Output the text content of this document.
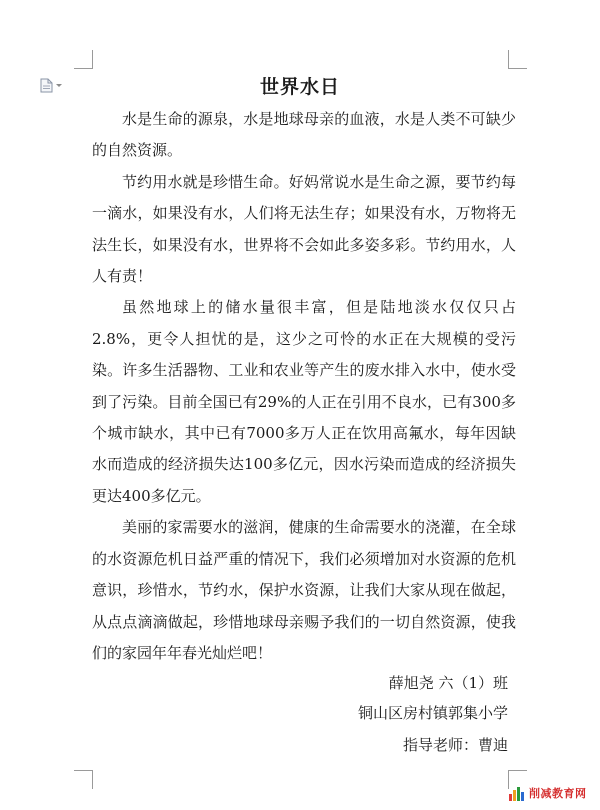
世界水日

水是生命的源泉，水是地球母亲的血液，水是人类不可缺少的自然资源。

节约用水就是珍惜生命。好妈常说水是生命之源，要节约每一滴水，如果没有水，人们将无法生存；如果没有水，万物将无法生长，如果没有水，世界将不会如此多姿多彩。节约用水，人人有责！

虽然地球上的储水量很丰富，但是陆地淡水仅仅只占2.8%，更令人担忧的是，这少之可怜的水正在大规模的受污染。许多生活器物、工业和农业等产生的废水排入水中，使水受到了污染。目前全国已有29%的人正在引用不良水，已有300多个城市缺水，其中已有7000多万人正在饮用高氟水，每年因缺水而造成的经济损失达100多亿元，因水污染而造成的经济损失更达400多亿元。

美丽的家需要水的滋润，健康的生命需要水的浇灌，在全球的水资源危机日益严重的情况下，我们必须增加对水资源的危机意识，珍惜水，节约水，保护水资源，让我们大家从现在做起，从点点滴滴做起，珍惜地球母亲赐予我们的一切自然资源，使我们的家园年年春光灿烂吧！

薛旭尧 六（1）班
铜山区房村镇郭集小学
指导老师：曹迪
削减教育网
